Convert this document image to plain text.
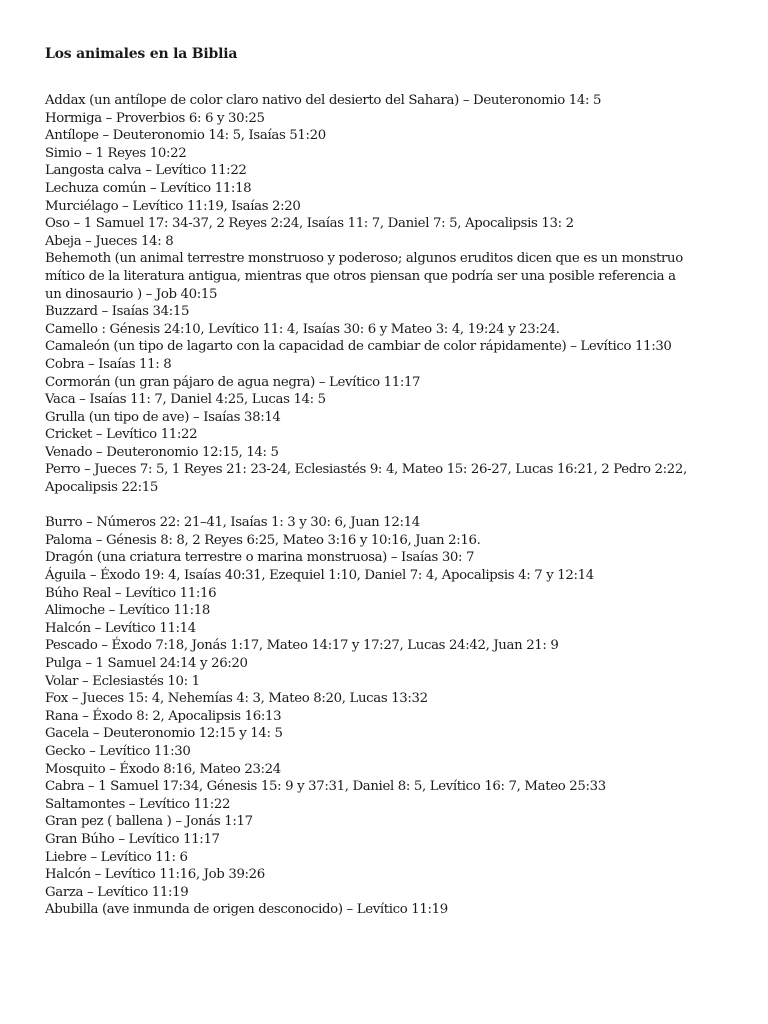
Los animales en la Biblia
Addax (un antílope de color claro nativo del desierto del Sahara) – Deuteronomio 14: 5
Hormiga – Proverbios 6: 6 y 30:25
Antílope – Deuteronomio 14: 5, Isaías 51:20
Simio – 1 Reyes 10:22
Langosta calva – Levítico 11:22
Lechuza común – Levítico 11:18
Murciélago – Levítico 11:19, Isaías 2:20
Oso – 1 Samuel 17: 34-37, 2 Reyes 2:24, Isaías 11: 7, Daniel 7: 5, Apocalipsis 13: 2
Abeja – Jueces 14: 8
Behemoth (un animal terrestre monstruoso y poderoso; algunos eruditos dicen que es un monstruo
mítico de la literatura antigua, mientras que otros piensan que podría ser una posible referencia a
un dinosaurio ) – Job 40:15
Buzzard – Isaías 34:15
Camello : Génesis 24:10, Levítico 11: 4, Isaías 30: 6 y Mateo 3: 4, 19:24 y 23:24.
Camaleón (un tipo de lagarto con la capacidad de cambiar de color rápidamente) – Levítico 11:30
Cobra – Isaías 11: 8
Cormorán (un gran pájaro de agua negra) – Levítico 11:17
Vaca – Isaías 11: 7, Daniel 4:25, Lucas 14: 5
Grulla (un tipo de ave) – Isaías 38:14
Cricket – Levítico 11:22
Venado – Deuteronomio 12:15, 14: 5
Perro – Jueces 7: 5, 1 Reyes 21: 23-24, Eclesiastés 9: 4, Mateo 15: 26-27, Lucas 16:21, 2 Pedro 2:22,
Apocalipsis 22:15
Burro – Números 22: 21–41, Isaías 1: 3 y 30: 6, Juan 12:14
Paloma – Génesis 8: 8, 2 Reyes 6:25, Mateo 3:16 y 10:16, Juan 2:16.
Dragón (una criatura terrestre o marina monstruosa) – Isaías 30: 7
Águila – Éxodo 19: 4, Isaías 40:31, Ezequiel 1:10, Daniel 7: 4, Apocalipsis 4: 7 y 12:14
Búho Real – Levítico 11:16
Alimoche – Levítico 11:18
Halcón – Levítico 11:14
Pescado – Éxodo 7:18, Jonás 1:17, Mateo 14:17 y 17:27, Lucas 24:42, Juan 21: 9
Pulga – 1 Samuel 24:14 y 26:20
Volar – Eclesiastés 10: 1
Fox – Jueces 15: 4, Nehemías 4: 3, Mateo 8:20, Lucas 13:32
Rana – Éxodo 8: 2, Apocalipsis 16:13
Gacela – Deuteronomio 12:15 y 14: 5
Gecko – Levítico 11:30
Mosquito – Éxodo 8:16, Mateo 23:24
Cabra – 1 Samuel 17:34, Génesis 15: 9 y 37:31, Daniel 8: 5, Levítico 16: 7, Mateo 25:33
Saltamontes – Levítico 11:22
Gran pez ( ballena ) – Jonás 1:17
Gran Búho – Levítico 11:17
Liebre – Levítico 11: 6
Halcón – Levítico 11:16, Job 39:26
Garza – Levítico 11:19
Abubilla (ave inmunda de origen desconocido) – Levítico 11:19
